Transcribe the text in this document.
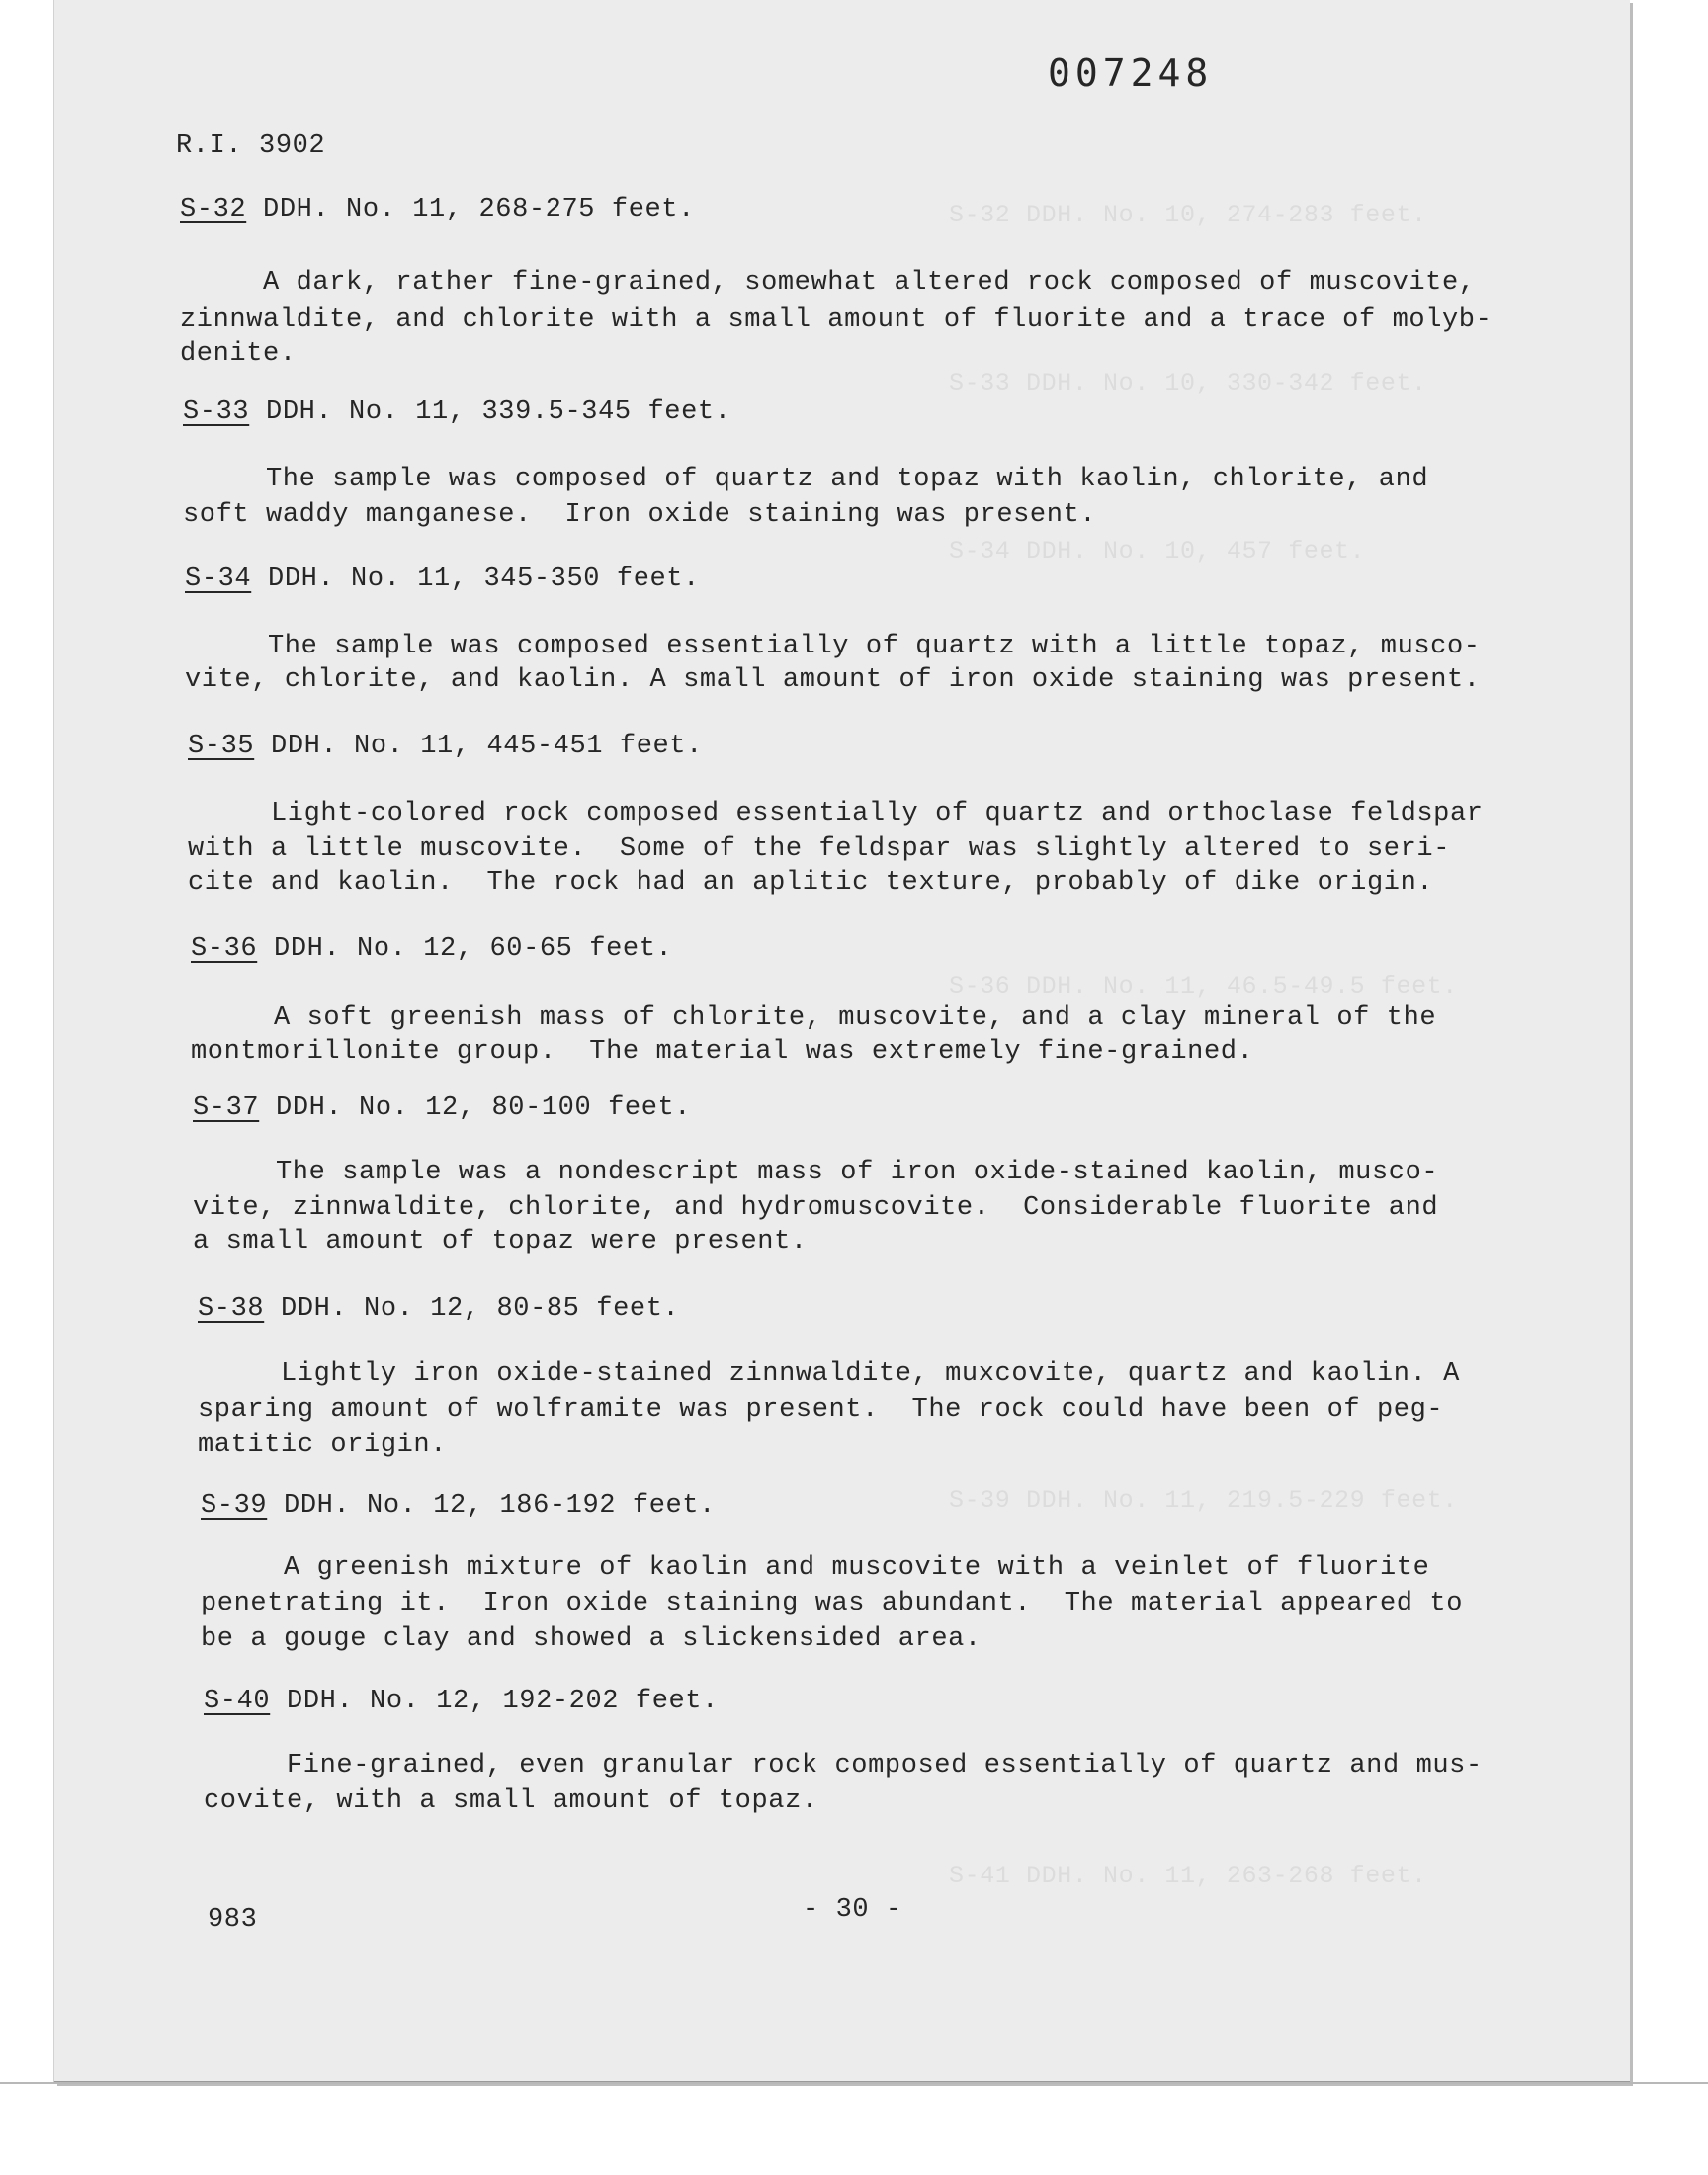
S-32 DDH. No. 10, 274-283 feet.
S-33 DDH. No. 10, 330-342 feet.
S-34 DDH. No. 10, 457 feet.
S-36 DDH. No. 11, 46.5-49.5 feet.
S-39 DDH. No. 11, 219.5-229 feet.
S-41 DDH. No. 11, 263-268 feet.
007248
R.I. 3902
S-32 DDH. No. 11, 268-275 feet.
A dark, rather fine-grained, somewhat altered rock composed of muscovite,
zinnwaldite, and chlorite with a small amount of fluorite and a trace of molyb-
denite.
S-33 DDH. No. 11, 339.5-345 feet.
The sample was composed of quartz and topaz with kaolin, chlorite, and
soft waddy manganese.  Iron oxide staining was present.
S-34 DDH. No. 11, 345-350 feet.
The sample was composed essentially of quartz with a little topaz, musco-
vite, chlorite, and kaolin. A small amount of iron oxide staining was present.
S-35 DDH. No. 11, 445-451 feet.
Light-colored rock composed essentially of quartz and orthoclase feldspar
with a little muscovite.  Some of the feldspar was slightly altered to seri-
cite and kaolin.  The rock had an aplitic texture, probably of dike origin.
S-36 DDH. No. 12, 60-65 feet.
A soft greenish mass of chlorite, muscovite, and a clay mineral of the
montmorillonite group.  The material was extremely fine-grained.
S-37 DDH. No. 12, 80-100 feet.
The sample was a nondescript mass of iron oxide-stained kaolin, musco-
vite, zinnwaldite, chlorite, and hydromuscovite.  Considerable fluorite and
a small amount of topaz were present.
S-38 DDH. No. 12, 80-85 feet.
Lightly iron oxide-stained zinnwaldite, muxcovite, quartz and kaolin. A
sparing amount of wolframite was present.  The rock could have been of peg-
matitic origin.
S-39 DDH. No. 12, 186-192 feet.
A greenish mixture of kaolin and muscovite with a veinlet of fluorite
penetrating it.  Iron oxide staining was abundant.  The material appeared to
be a gouge clay and showed a slickensided area.
S-40 DDH. No. 12, 192-202 feet.
Fine-grained, even granular rock composed essentially of quartz and mus-
covite, with a small amount of topaz.
983	- 30 -
